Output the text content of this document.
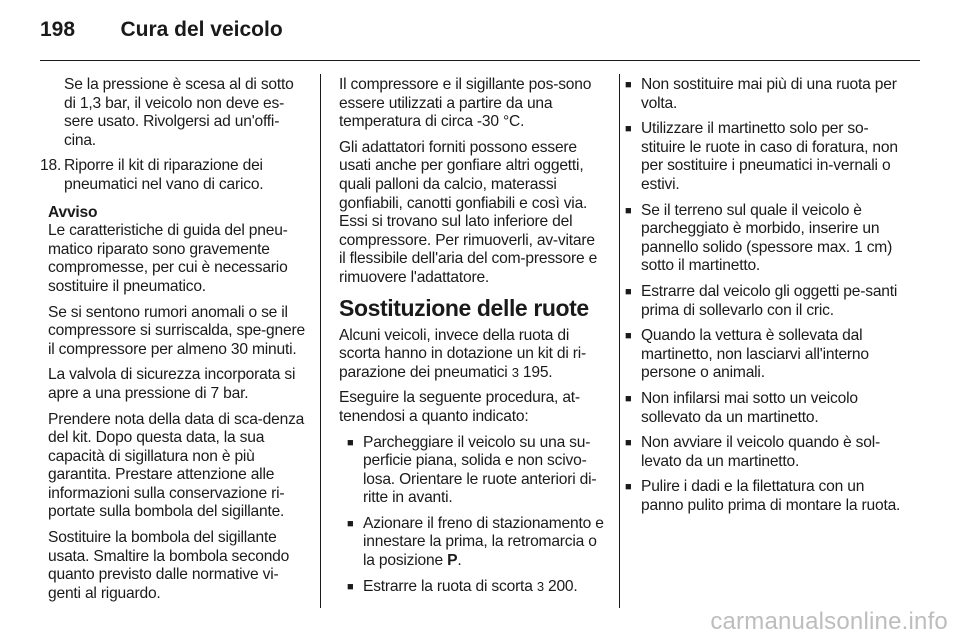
198 Cura del veicolo

Se la pressione è scesa al di sotto di 1,3 bar, il veicolo non deve es-sere usato. Rivolgersi ad un'offi-cina.

18. Riporre il kit di riparazione dei pneumatici nel vano di carico.

Avviso

Le caratteristiche di guida del pneu-matico riparato sono gravemente compromesse, per cui è necessario sostituire il pneumatico.

Se si sentono rumori anomali o se il compressore si surriscalda, spe-gnere il compressore per almeno 30 minuti.

La valvola di sicurezza incorporata si apre a una pressione di 7 bar.

Prendere nota della data di sca-denza del kit. Dopo questa data, la sua capacità di sigillatura non è più garantita. Prestare attenzione alle informazioni sulla conservazione ri-portate sulla bombola del sigillante.

Sostituire la bombola del sigillante usata. Smaltire la bombola secondo quanto previsto dalle normative vi-genti al riguardo.

Il compressore e il sigillante pos-sono essere utilizzati a partire da una temperatura di circa -30 °C.

Gli adattatori forniti possono essere usati anche per gonfiare altri oggetti, quali palloni da calcio, materassi gonfiabili, canotti gonfiabili e così via. Essi si trovano sul lato inferiore del compressore. Per rimuoverli, av-vitare il flessibile dell'aria del com-pressore e rimuovere l'adattatore.

Sostituzione delle ruote

Alcuni veicoli, invece della ruota di scorta hanno in dotazione un kit di ri-parazione dei pneumatici 3 195.

Eseguire la seguente procedura, at-tenendosi a quanto indicato:

■ Parcheggiare il veicolo su una su-perficie piana, solida e non scivo-losa. Orientare le ruote anteriori di-ritte in avanti.
■ Azionare il freno di stazionamento e innestare la prima, la retromarcia o la posizione P.
■ Estrarre la ruota di scorta 3 200.
■ Non sostituire mai più di una ruota per volta.
■ Utilizzare il martinetto solo per so-stituire le ruote in caso di foratura, non per sostituire i pneumatici in-vernali o estivi.
■ Se il terreno sul quale il veicolo è parcheggiato è morbido, inserire un pannello solido (spessore max. 1 cm) sotto il martinetto.
■ Estrarre dal veicolo gli oggetti pe-santi prima di sollevarlo con il cric.
■ Quando la vettura è sollevata dal martinetto, non lasciarvi all'interno persone o animali.
■ Non infilarsi mai sotto un veicolo sollevato da un martinetto.
■ Non avviare il veicolo quando è sol-levato da un martinetto.
■ Pulire i dadi e la filettatura con un panno pulito prima di montare la ruota.
carmanualsonline.info
